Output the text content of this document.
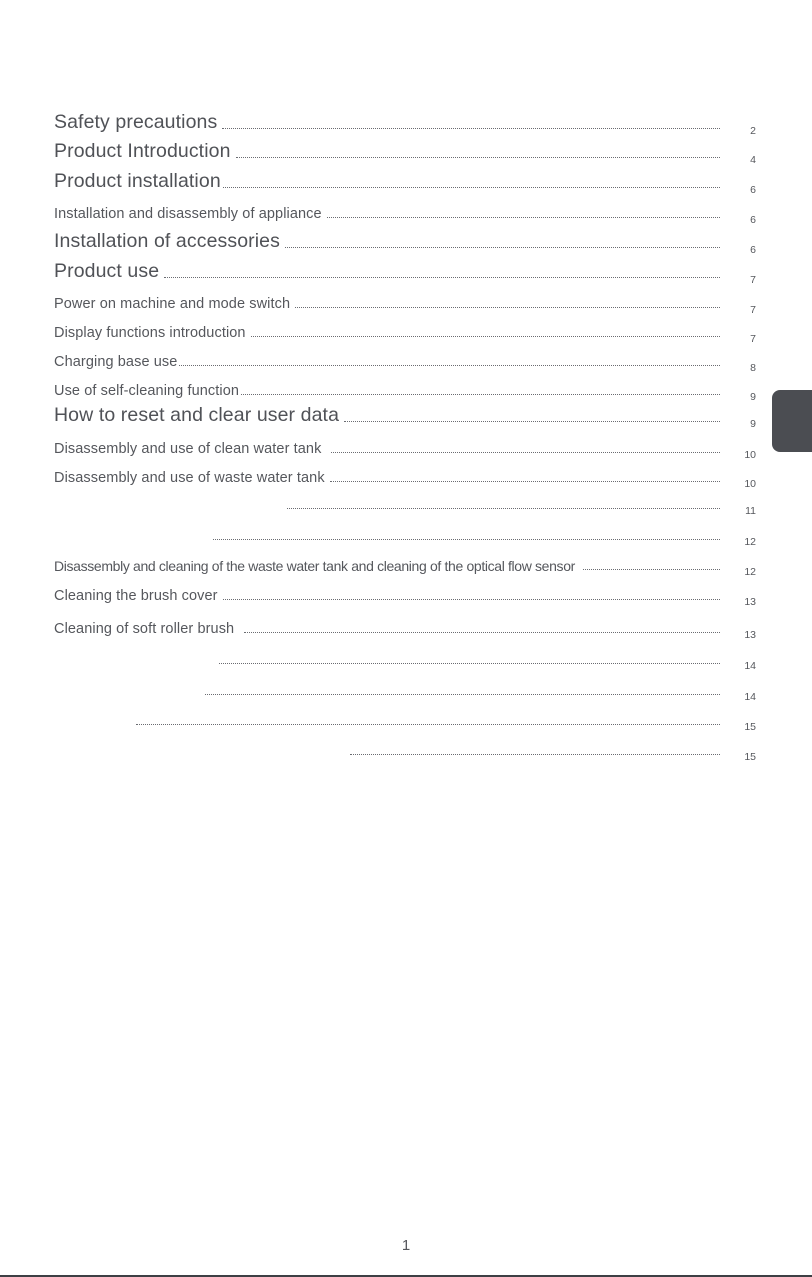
Safety precautions	2
Product Introduction	4
Product installation	6
Installation and disassembly of appliance	6
Installation of accessories	6
Product use	7
Power on machine and mode switch	7
Display functions introduction	7
Charging base use	8
Use of self-cleaning function	9
How to reset and clear user data	9
Disassembly and use of clean water tank	10
Disassembly and use of waste water tank	10
11
12
Disassembly and cleaning of the waste water tank and cleaning of the optical flow sensor	12
Cleaning the brush cover	13
Cleaning of soft roller brush	13
14
14
15
15
1
